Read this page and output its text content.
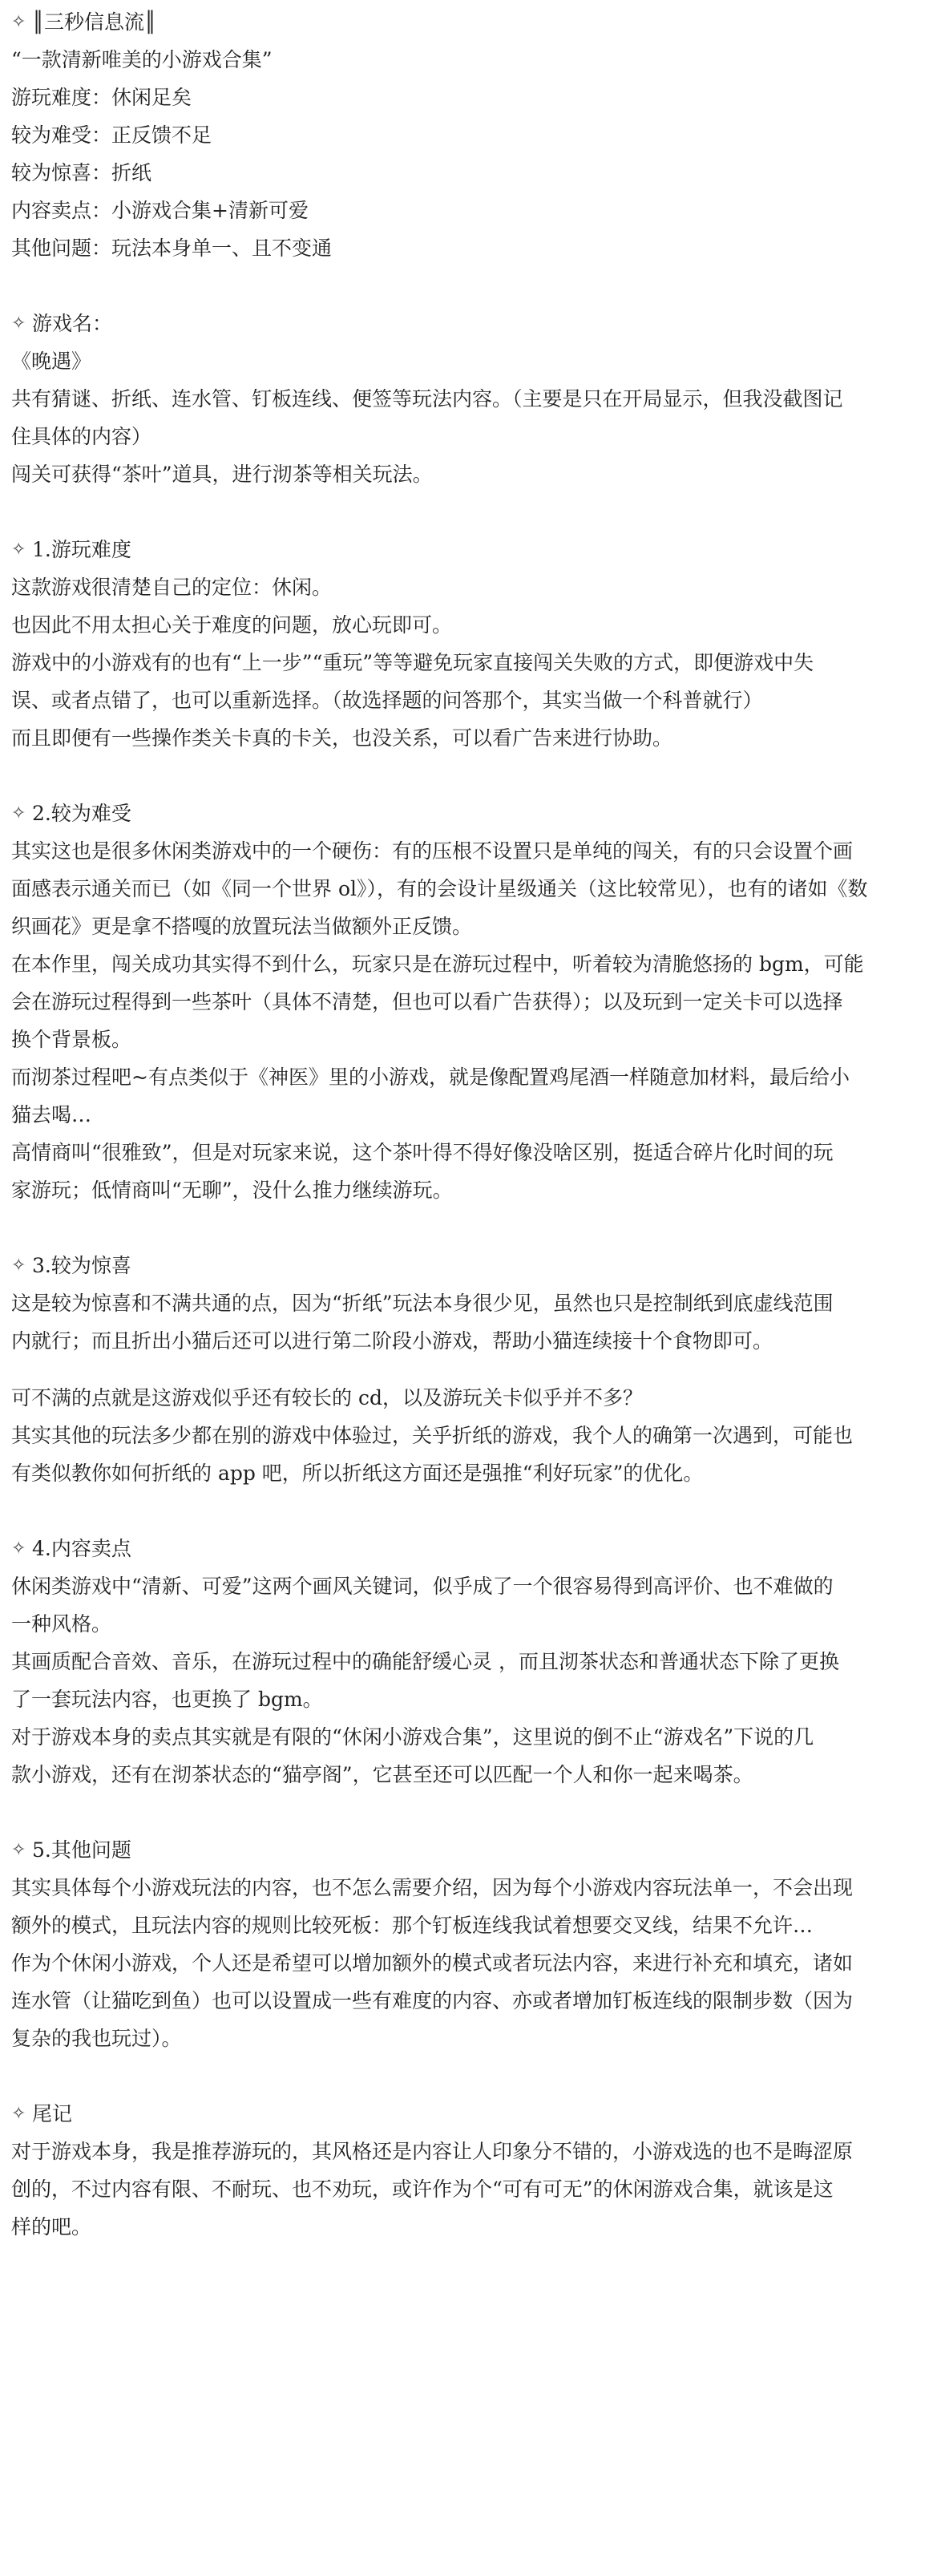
✧ ║三秒信息流║
“一款清新唯美的小游戏合集”
游玩难度：休闲足矣
较为难受：正反馈不足
较为惊喜：折纸
内容卖点：小游戏合集+清新可爱
其他问题：玩法本身单一、且不变通
✧ 游戏名：
《晚遇》
共有猜谜、折纸、连水管、钉板连线、便签等玩法内容。（主要是只在开局显示，但我没截图记
住具体的内容）
闯关可获得“茶叶”道具，进行沏茶等相关玩法。
✧ 1.游玩难度
这款游戏很清楚自己的定位：休闲。
也因此不用太担心关于难度的问题，放心玩即可。
游戏中的小游戏有的也有“上一步”“重玩”等等避免玩家直接闯关失败的方式，即便游戏中失
误、或者点错了，也可以重新选择。（故选择题的问答那个，其实当做一个科普就行）
而且即便有一些操作类关卡真的卡关，也没关系，可以看广告来进行协助。
✧ 2.较为难受
其实这也是很多休闲类游戏中的一个硬伤：有的压根不设置只是单纯的闯关，有的只会设置个画
面感表示通关而已（如《同一个世界 ol》），有的会设计星级通关（这比较常见），也有的诸如《数
织画花》更是拿不搭嘎的放置玩法当做额外正反馈。
在本作里，闯关成功其实得不到什么，玩家只是在游玩过程中，听着较为清脆悠扬的 bgm，可能
会在游玩过程得到一些茶叶（具体不清楚，但也可以看广告获得）；以及玩到一定关卡可以选择
换个背景板。
而沏茶过程吧~有点类似于《神医》里的小游戏，就是像配置鸡尾酒一样随意加材料，最后给小
猫去喝…
高情商叫“很雅致”，但是对玩家来说，这个茶叶得不得好像没啥区别，挺适合碎片化时间的玩
家游玩；低情商叫“无聊”，没什么推力继续游玩。
✧ 3.较为惊喜
这是较为惊喜和不满共通的点，因为“折纸”玩法本身很少见，虽然也只是控制纸到底虚线范围
内就行；而且折出小猫后还可以进行第二阶段小游戏，帮助小猫连续接十个食物即可。
可不满的点就是这游戏似乎还有较长的 cd，以及游玩关卡似乎并不多？
其实其他的玩法多少都在别的游戏中体验过，关乎折纸的游戏，我个人的确第一次遇到，可能也
有类似教你如何折纸的 app 吧，所以折纸这方面还是强推“利好玩家”的优化。
✧ 4.内容卖点
休闲类游戏中“清新、可爱”这两个画风关键词，似乎成了一个很容易得到高评价、也不难做的
一种风格。
其画质配合音效、音乐，在游玩过程中的确能舒缓心灵 ，而且沏茶状态和普通状态下除了更换
了一套玩法内容，也更换了 bgm。
对于游戏本身的卖点其实就是有限的“休闲小游戏合集”，这里说的倒不止“游戏名”下说的几
款小游戏，还有在沏茶状态的“猫亭阁”，它甚至还可以匹配一个人和你一起来喝茶。
✧ 5.其他问题
其实具体每个小游戏玩法的内容，也不怎么需要介绍，因为每个小游戏内容玩法单一，不会出现
额外的模式，且玩法内容的规则比较死板：那个钉板连线我试着想要交叉线，结果不允许…
作为个休闲小游戏，个人还是希望可以增加额外的模式或者玩法内容，来进行补充和填充，诸如
连水管（让猫吃到鱼）也可以设置成一些有难度的内容、亦或者增加钉板连线的限制步数（因为
复杂的我也玩过）。
✧ 尾记
对于游戏本身，我是推荐游玩的，其风格还是内容让人印象分不错的，小游戏选的也不是晦涩原
创的，不过内容有限、不耐玩、也不劝玩，或许作为个“可有可无”的休闲游戏合集，就该是这
样的吧。
